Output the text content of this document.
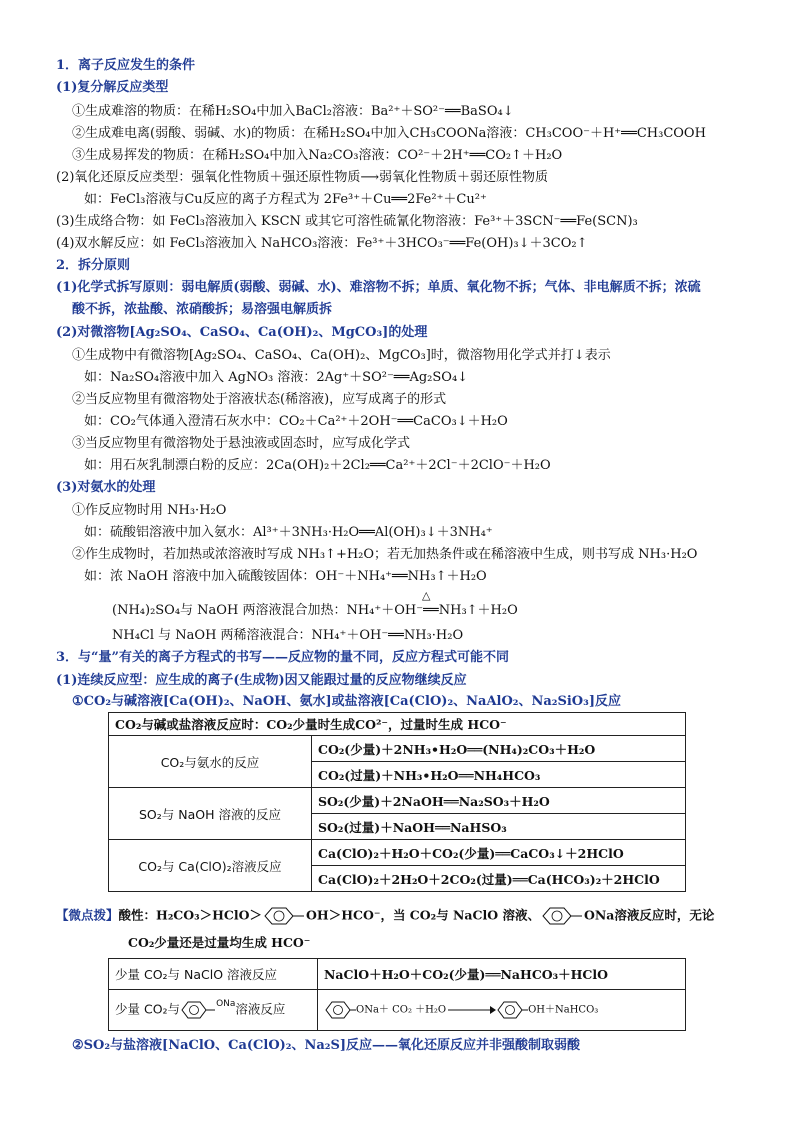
1．离子反应发生的条件
(1)复分解反应类型
①生成难溶的物质：在稀H₂SO₄中加入BaCl₂溶液：Ba²⁺＋SO²⁻══BaSO₄↓
②生成难电离(弱酸、弱碱、水)的物质：在稀H₂SO₄中加入CH₃COONa溶液：CH₃COO⁻＋H⁺══CH₃COOH
③生成易挥发的物质：在稀H₂SO₄中加入Na₂CO₃溶液：CO²⁻＋2H⁺══CO₂↑＋H₂O
(2)氧化还原反应类型：强氧化性物质＋强还原性物质⟶弱氧化性物质＋弱还原性物质
如：FeCl₃溶液与Cu反应的离子方程式为 2Fe³⁺＋Cu══2Fe²⁺＋Cu²⁺
(3)生成络合物：如 FeCl₃溶液加入 KSCN 或其它可溶性硫氰化物溶液：Fe³⁺＋3SCN⁻══Fe(SCN)₃
(4)双水解反应：如 FeCl₃溶液加入 NaHCO₃溶液：Fe³⁺＋3HCO₃⁻══Fe(OH)₃↓＋3CO₂↑
2．拆分原则
(1)化学式拆写原则：弱电解质(弱酸、弱碱、水)、难溶物不拆；单质、氧化物不拆；气体、非电解质不拆；浓硫
酸不拆，浓盐酸、浓硝酸拆；易溶强电解质拆
(2)对微溶物[Ag₂SO₄、CaSO₄、Ca(OH)₂、MgCO₃]的处理
①生成物中有微溶物[Ag₂SO₄、CaSO₄、Ca(OH)₂、MgCO₃]时，微溶物用化学式并打↓表示
如：Na₂SO₄溶液中加入 AgNO₃ 溶液：2Ag⁺＋SO²⁻══Ag₂SO₄↓
②当反应物里有微溶物处于溶液状态(稀溶液)，应写成离子的形式
如：CO₂气体通入澄清石灰水中：CO₂＋Ca²⁺＋2OH⁻══CaCO₃↓＋H₂O
③当反应物里有微溶物处于悬浊液或固态时，应写成化学式
如：用石灰乳制漂白粉的反应：2Ca(OH)₂＋2Cl₂══Ca²⁺＋2Cl⁻＋2ClO⁻＋H₂O
(3)对氨水的处理
①作反应物时用 NH₃·H₂O
如：硫酸铝溶液中加入氨水：Al³⁺＋3NH₃·H₂O══Al(OH)₃↓＋3NH₄⁺
②作生成物时，若加热或浓溶液时写成 NH₃↑+H₂O；若无加热条件或在稀溶液中生成，则书写成 NH₃·H₂O
如：浓 NaOH 溶液中加入硫酸铵固体：OH⁻＋NH₄⁺══NH₃↑＋H₂O
△
(NH₄)₂SO₄与 NaOH 两溶液混合加热：NH₄⁺＋OH⁻══NH₃↑＋H₂O
NH₄Cl 与 NaOH 两稀溶液混合：NH₄⁺＋OH⁻══NH₃·H₂O
3．与“量”有关的离子方程式的书写——反应物的量不同，反应方程式可能不同
(1)连续反应型：应生成的离子(生成物)因又能跟过量的反应物继续反应
①CO₂与碱溶液[Ca(OH)₂、NaOH、氨水]或盐溶液[Ca(ClO)₂、NaAlO₂、Na₂SiO₃]反应
CO₂与碱或盐溶液反应时：CO₂少量时生成CO²⁻，过量时生成 HCO⁻	
CO₂与氨水的反应	CO₂(少量)＋2NH₃•H₂O══(NH₄)₂CO₃＋H₂O
	CO₂(过量)＋NH₃•H₂O══NH₄HCO₃
SO₂与 NaOH 溶液的反应	SO₂(少量)＋2NaOH══Na₂SO₃＋H₂O
	SO₂(过量)＋NaOH══NaHSO₃
CO₂与 Ca(ClO)₂溶液反应	Ca(ClO)₂＋H₂O＋CO₂(少量)══CaCO₃↓＋2HClO
	Ca(ClO)₂＋2H₂O＋2CO₂(过量)══Ca(HCO₃)₂＋2HClO
【微点拨】酸性：H₂CO₃＞HClO＞	OH＞HCO⁻，当 CO₂与 NaClO 溶液、	ONa溶液反应时，无论
CO₂少量还是过量均生成 HCO⁻
少量 CO₂与 NaClO 溶液反应	NaClO＋H₂O＋CO₂(少量)══NaHCO₃＋HClO
少量 CO₂与 $^{ONa}$溶液反应	ONa＋ CO₂ ＋H₂O OH＋NaHCO₃
②SO₂与盐溶液[NaClO、Ca(ClO)₂、Na₂S]反应——氧化还原反应并非强酸制取弱酸
